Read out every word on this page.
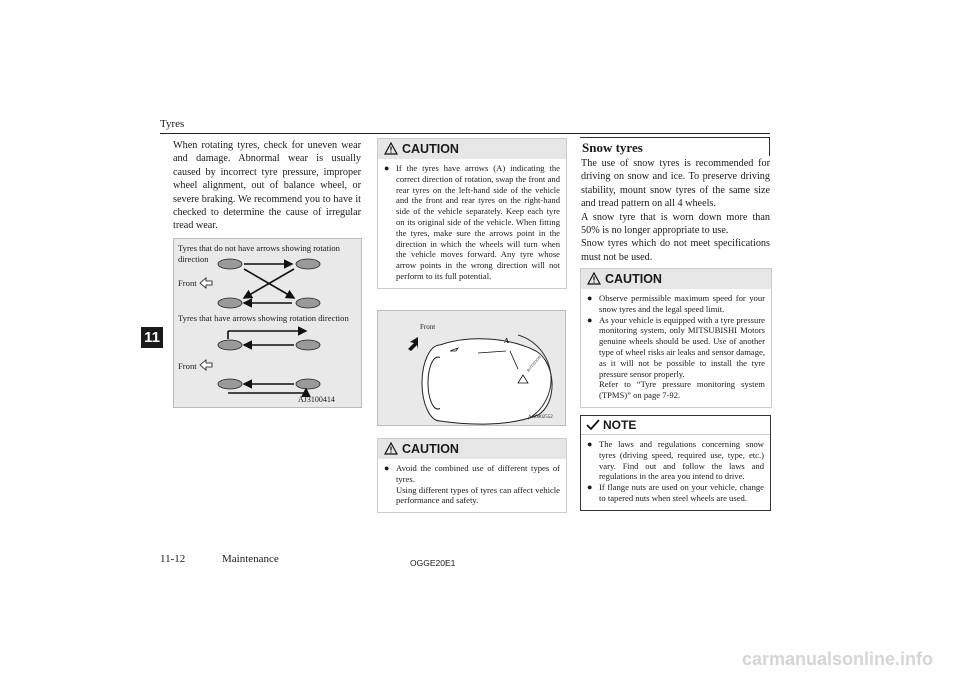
Tyres
11
When rotating tyres, check for uneven wear and damage. Abnormal wear is usually caused by incorrect tyre pressure, improper wheel alignment, out of balance wheel, or severe braking. We recommend you to have it checked to determine the cause of irregular tread wear.
Tyres that do not have arrows showing rotation direction
Front
Tyres that have arrows showing rotation direction
Front
AJ3100414
CAUTION
● If the tyres have arrows (A) indicating the correct direction of rotation, swap the front and rear tyres on the left-hand side of the vehicle and the front and rear tyres on the right-hand side of the vehicle separately. Keep each tyre on its original side of the vehicle. When fitting the tyres, make sure the arrows point in the direction in which the wheels will turn when the vehicle moves forward. Any tyre whose arrow points in the wrong direction will not perform to its full potential.
Front
A
ROTATION
AA0002552
CAUTION
● Avoid the combined use of different types of tyres.
Using different types of tyres can affect vehicle performance and safety.
Snow tyres
The use of snow tyres is recommended for driving on snow and ice. To preserve driving stability, mount snow tyres of the same size and tread pattern on all 4 wheels.
A snow tyre that is worn down more than 50% is no longer appropriate to use.
Snow tyres which do not meet specifications must not be used.
CAUTION
● Observe permissible maximum speed for your snow tyres and the legal speed limit.
● As your vehicle is equipped with a tyre pressure monitoring system, only MITSUBISHI Motors genuine wheels should be used. Use of another type of wheel risks air leaks and sensor damage, as it will not be possible to install the tyre pressure sensor properly.
Refer to “Tyre pressure monitoring system (TPMS)” on page 7-92.
NOTE
● The laws and regulations concerning snow tyres (driving speed, required use, type, etc.) vary. Find out and follow the laws and regulations in the area you intend to drive.
● If flange nuts are used on your vehicle, change to tapered nuts when steel wheels are used.
11-12	Maintenance	OGGE20E1
carmanualsonline.info
